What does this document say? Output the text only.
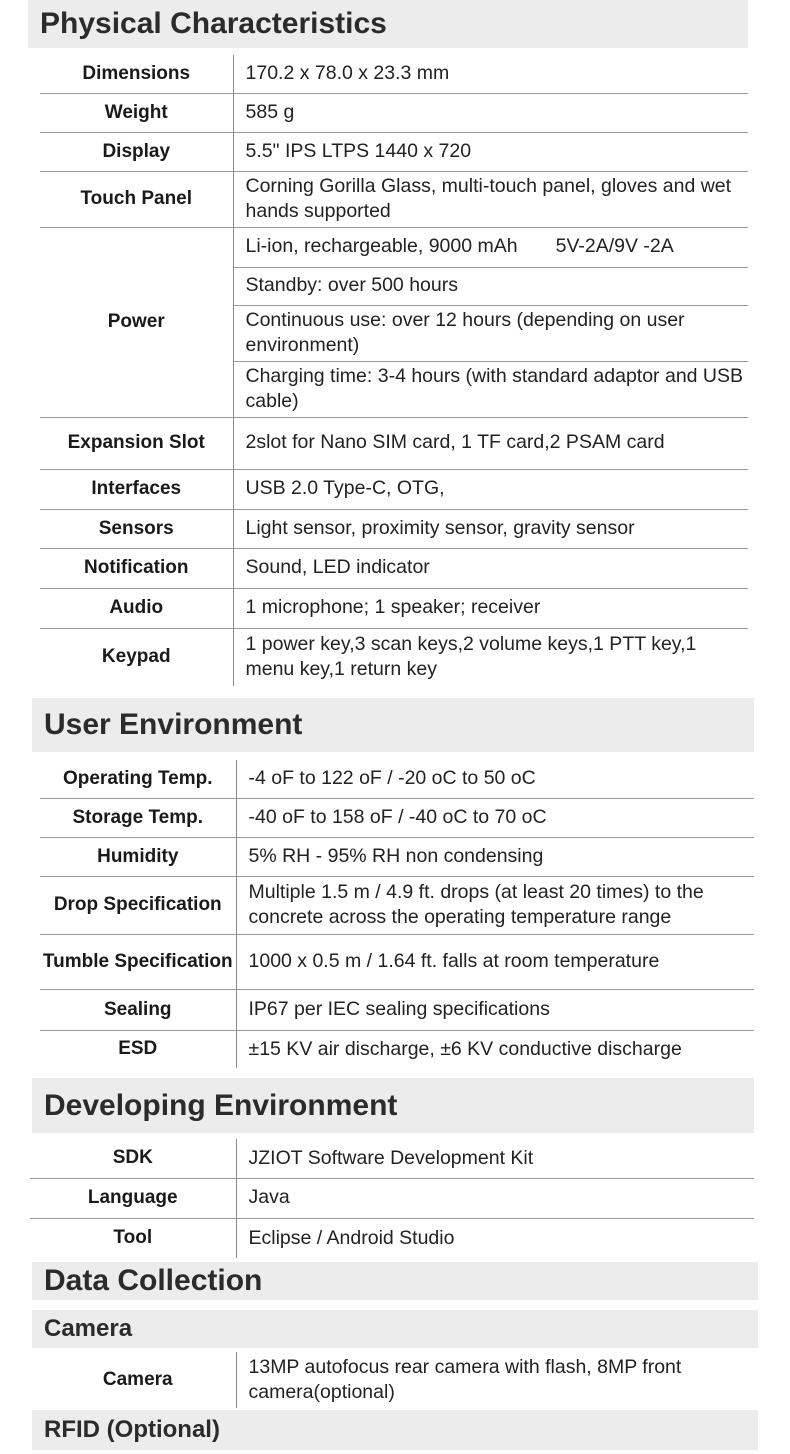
Physical Characteristics
Dimensions	170.2 x 78.0 x 23.3 mm
Weight	585 g
Display	5.5" IPS LTPS 1440 x 720
Touch Panel	Corning Gorilla Glass, multi-touch panel, gloves and wet hands supported
Power	Li-ion, rechargeable, 9000 mAh 5V-2A/9V -2A
	Standby: over 500 hours
	Continuous use: over 12 hours (depending on user environment)
	Charging time: 3-4 hours (with standard adaptor and USB cable)
Expansion Slot	2slot for Nano SIM card, 1 TF card,2 PSAM card
Interfaces	USB 2.0 Type-C, OTG,
Sensors	Light sensor, proximity sensor, gravity sensor
Notification	Sound, LED indicator
Audio	1 microphone; 1 speaker; receiver
Keypad	1 power key,3 scan keys,2 volume keys,1 PTT key,1 menu key,1 return key
User Environment
Operating Temp.	-4 oF to 122 oF / -20 oC to 50 oC
Storage Temp.	-40 oF to 158 oF / -40 oC to 70 oC
Humidity	5% RH - 95% RH non condensing
Drop Specification	Multiple 1.5 m / 4.9 ft. drops (at least 20 times) to the concrete across the operating temperature range
Tumble Specification	1000 x 0.5 m / 1.64 ft. falls at room temperature
Sealing	IP67 per IEC sealing specifications
ESD	±15 KV air discharge, ±6 KV conductive discharge
Developing Environment
SDK	JZIOT Software Development Kit
Language	Java
Tool	Eclipse / Android Studio
Data Collection
Camera
Camera	13MP autofocus rear camera with flash, 8MP front camera(optional)
RFID (Optional)
